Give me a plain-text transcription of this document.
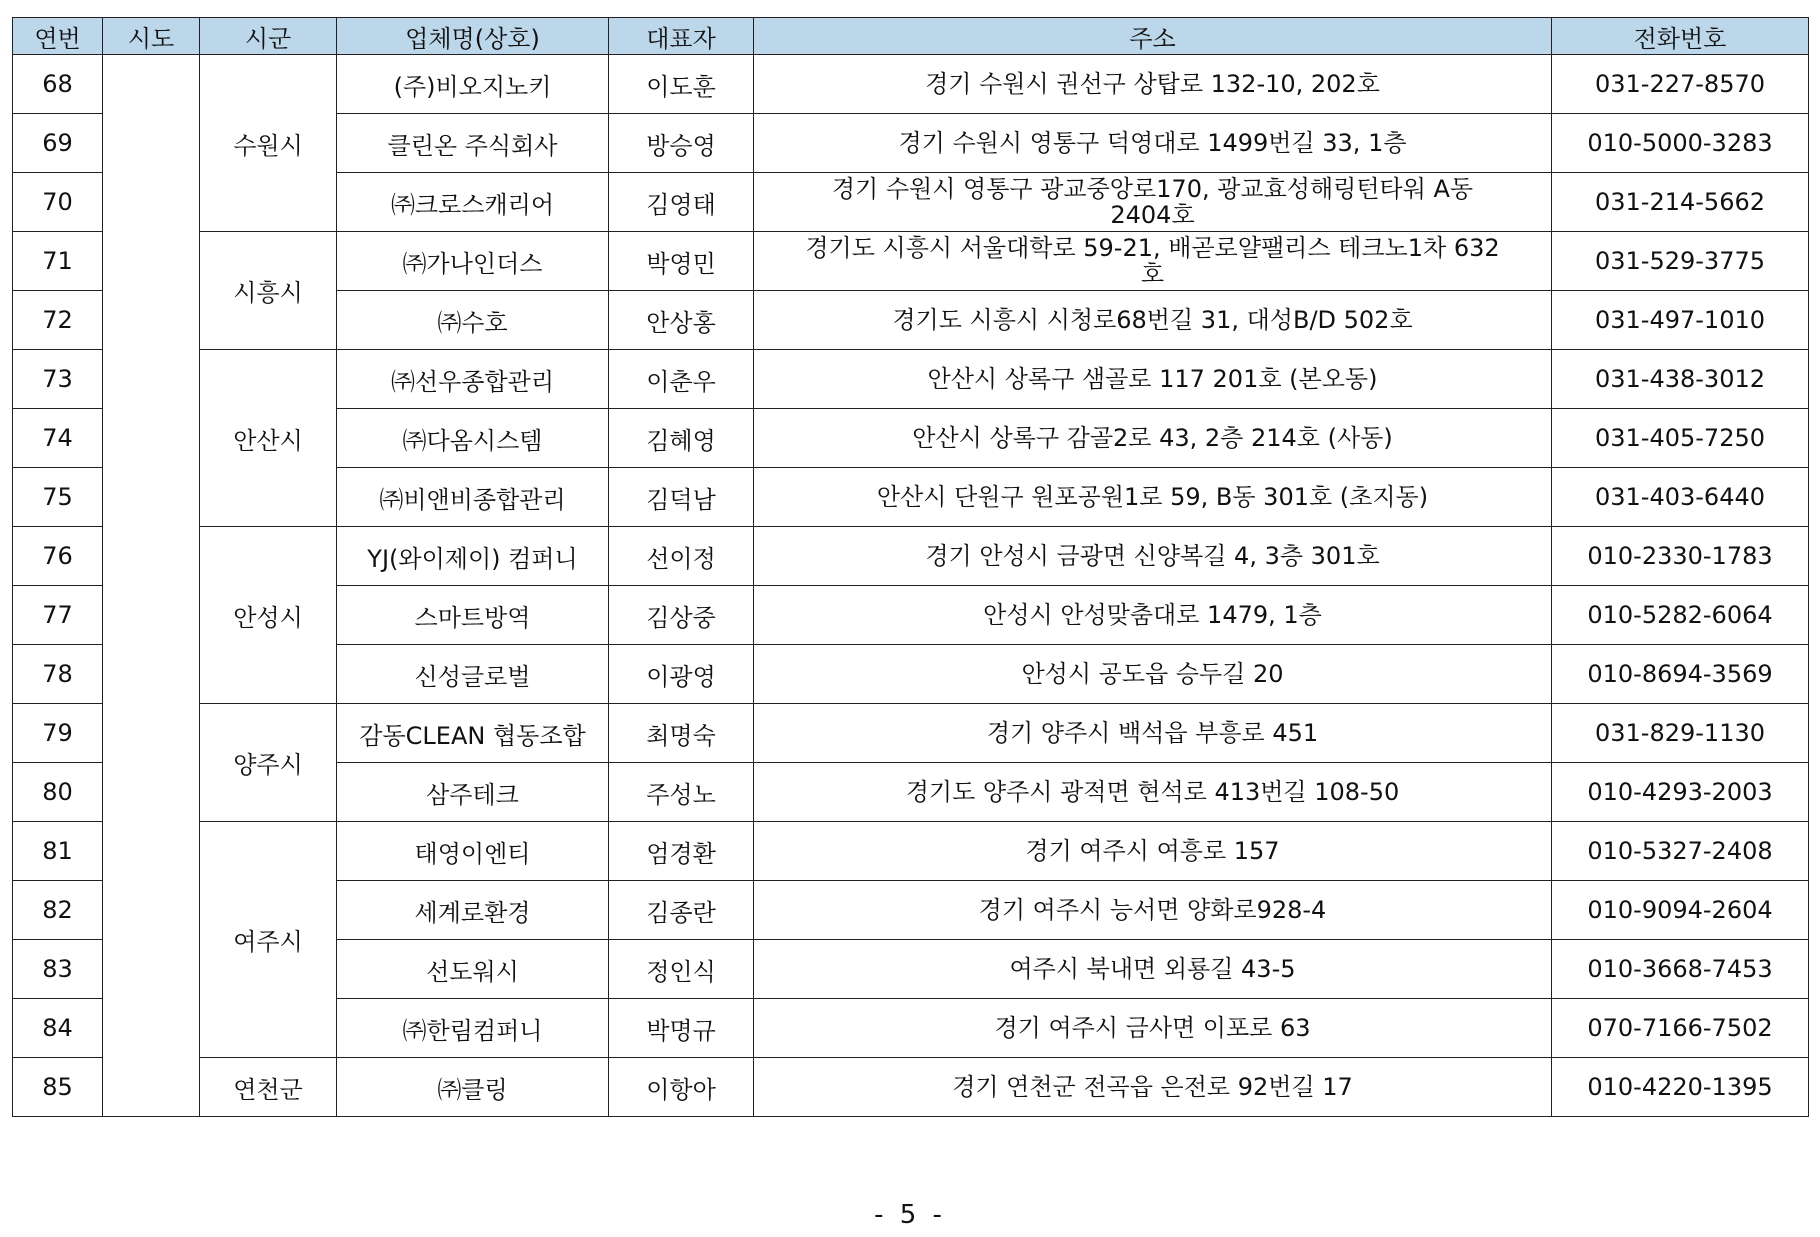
연번	시도	시군	업체명(상호)	대표자	주소	전화번호
68		수원시	(주)비오지노키	이도훈	경기 수원시 권선구 상탑로 132-10, 202호	031-227-8570
69			클린온 주식회사	방승영	경기 수원시 영통구 덕영대로 1499번길 33, 1층	010-5000-3283
70			㈜크로스캐리어	김영태	경기 수원시 영통구 광교중앙로170, 광교효성해링턴타워 A동 2404호	031-214-5662
71		시흥시	㈜가나인더스	박영민	경기도 시흥시 서울대학로 59-21, 배곧로얄팰리스 테크노1차 632호	031-529-3775
72			㈜수호	안상홍	경기도 시흥시 시청로68번길 31, 대성B/D 502호	031-497-1010
73		안산시	㈜선우종합관리	이춘우	안산시 상록구 샘골로 117 201호 (본오동)	031-438-3012
74			㈜다옴시스템	김혜영	안산시 상록구 감골2로 43, 2층 214호 (사동)	031-405-7250
75			㈜비앤비종합관리	김덕남	안산시 단원구 원포공원1로 59, B동 301호 (초지동)	031-403-6440
76		안성시	YJ(와이제이) 컴퍼니	선이정	경기 안성시 금광면 신양복길 4, 3층 301호	010-2330-1783
77			스마트방역	김상중	안성시 안성맞춤대로 1479, 1층	010-5282-6064
78			신성글로벌	이광영	안성시 공도읍 승두길 20	010-8694-3569
79		양주시	감동CLEAN 협동조합	최명숙	경기 양주시 백석읍 부흥로 451	031-829-1130
80			삼주테크	주성노	경기도 양주시 광적면 현석로 413번길 108-50	010-4293-2003
81		여주시	태영이엔티	엄경환	경기 여주시 여흥로 157	010-5327-2408
82			세계로환경	김종란	경기 여주시 능서면 양화로928-4	010-9094-2604
83			선도워시	정인식	여주시 북내면 외룡길 43-5	010-3668-7453
84			㈜한림컴퍼니	박명규	경기 여주시 금사면 이포로 63	070-7166-7502
85		연천군	㈜클링	이항아	경기 연천군 전곡읍 은전로 92번길 17	010-4220-1395
- 5 -
